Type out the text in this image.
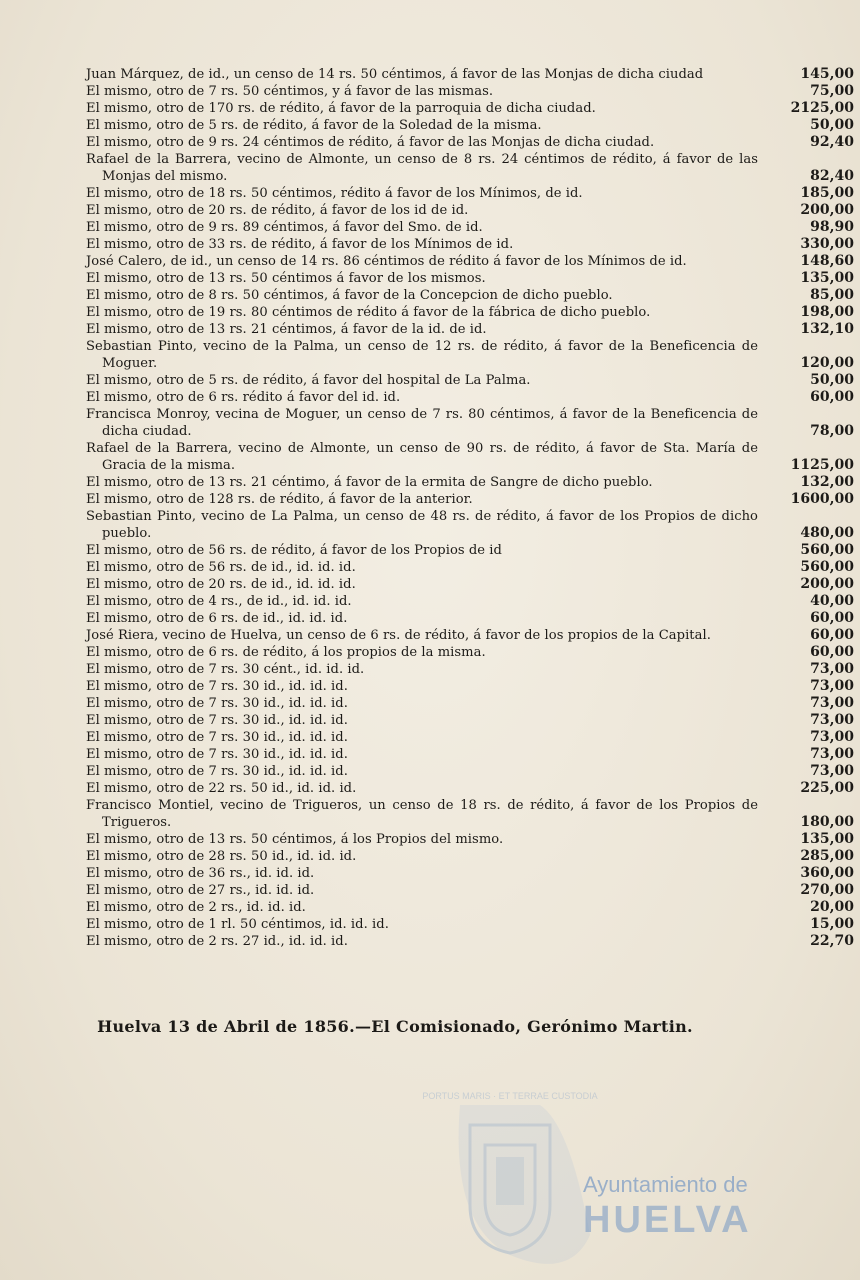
Juan Márquez, de id., un censo de 14 rs. 50 céntimos, á favor de las Monjas de dicha ciudad	145,00
El mismo, otro de 7 rs. 50 céntimos, y á favor de las mismas.	75,00
El mismo, otro de 170 rs. de rédito, á favor de la parroquia de dicha ciudad.	2125,00
El mismo, otro de 5 rs. de rédito, á favor de la Soledad de la misma.	50,00
El mismo, otro de 9 rs. 24 céntimos de rédito, á favor de las Monjas de dicha ciudad.	92,40
Rafael de la Barrera, vecino de Almonte, un censo de 8 rs. 24 céntimos de rédito, á favor de las Monjas del mismo.	82,40
El mismo, otro de 18 rs. 50 céntimos, rédito á favor de los Mínimos, de id.	185,00
El mismo, otro de 20 rs. de rédito, á favor de los id de id.	200,00
El mismo, otro de 9 rs. 89 céntimos, á favor del Smo. de id.	98,90
El mismo, otro de 33 rs. de rédito, á favor de los Mínimos de id.	330,00
José Calero, de id., un censo de 14 rs. 86 céntimos de rédito á favor de los Mínimos de id.	148,60
El mismo, otro de 13 rs. 50 céntimos á favor de los mismos.	135,00
El mismo, otro de 8 rs. 50 céntimos, á favor de la Concepcion de dicho pueblo.	85,00
El mismo, otro de 19 rs. 80 céntimos de rédito á favor de la fábrica de dicho pueblo.	198,00
El mismo, otro de 13 rs. 21 céntimos, á favor de la id. de id.	132,10
Sebastian Pinto, vecino de la Palma, un censo de 12 rs. de rédito, á favor de la Beneficencia de Moguer.	120,00
El mismo, otro de 5 rs. de rédito, á favor del hospital de La Palma.	50,00
El mismo, otro de 6 rs. rédito á favor del id. id.	60,00
Francisca Monroy, vecina de Moguer, un censo de 7 rs. 80 céntimos, á favor de la Beneficencia de dicha ciudad.	78,00
Rafael de la Barrera, vecino de Almonte, un censo de 90 rs. de rédito, á favor de Sta. María de Gracia de la misma.	1125,00
El mismo, otro de 13 rs. 21 céntimo, á favor de la ermita de Sangre de dicho pueblo.	132,00
El mismo, otro de 128 rs. de rédito, á favor de la anterior.	1600,00
Sebastian Pinto, vecino de La Palma, un censo de 48 rs. de rédito, á favor de los Propios de dicho pueblo.	480,00
El mismo, otro de 56 rs. de rédito, á favor de los Propios de id	560,00
El mismo, otro de 56 rs. de id., id. id. id.	560,00
El mismo, otro de 20 rs. de id., id. id. id.	200,00
El mismo, otro de 4 rs., de id., id. id. id.	40,00
El mismo, otro de 6 rs. de id., id. id. id.	60,00
José Riera, vecino de Huelva, un censo de 6 rs. de rédito, á favor de los propios de la Capital.	60,00
El mismo, otro de 6 rs. de rédito, á los propios de la misma.	60,00
El mismo, otro de 7 rs. 30 cént., id. id. id.	73,00
El mismo, otro de 7 rs. 30 id., id. id. id.	73,00
El mismo, otro de 7 rs. 30 id., id. id. id.	73,00
El mismo, otro de 7 rs. 30 id., id. id. id.	73,00
El mismo, otro de 7 rs. 30 id., id. id. id.	73,00
El mismo, otro de 7 rs. 30 id., id. id. id.	73,00
El mismo, otro de 7 rs. 30 id., id. id. id.	73,00
El mismo, otro de 22 rs. 50 id., id. id. id.	225,00
Francisco Montiel, vecino de Trigueros, un censo de 18 rs. de rédito, á favor de los Propios de Trigueros.	180,00
El mismo, otro de 13 rs. 50 céntimos, á los Propios del mismo.	135,00
El mismo, otro de 28 rs. 50 id., id. id. id.	285,00
El mismo, otro de 36 rs., id. id. id.	360,00
El mismo, otro de 27 rs., id. id. id.	270,00
El mismo, otro de 2 rs., id. id. id.	20,00
El mismo, otro de 1 rl. 50 céntimos, id. id. id.	15,00
El mismo, otro de 2 rs. 27 id., id. id. id.	22,70
Huelva 13 de Abril de 1856.—El Comisionado, Gerónimo Martin.
PORTUS MARIS · ET TERRAE CUSTODIA
Ayuntamiento de
HUELVA
